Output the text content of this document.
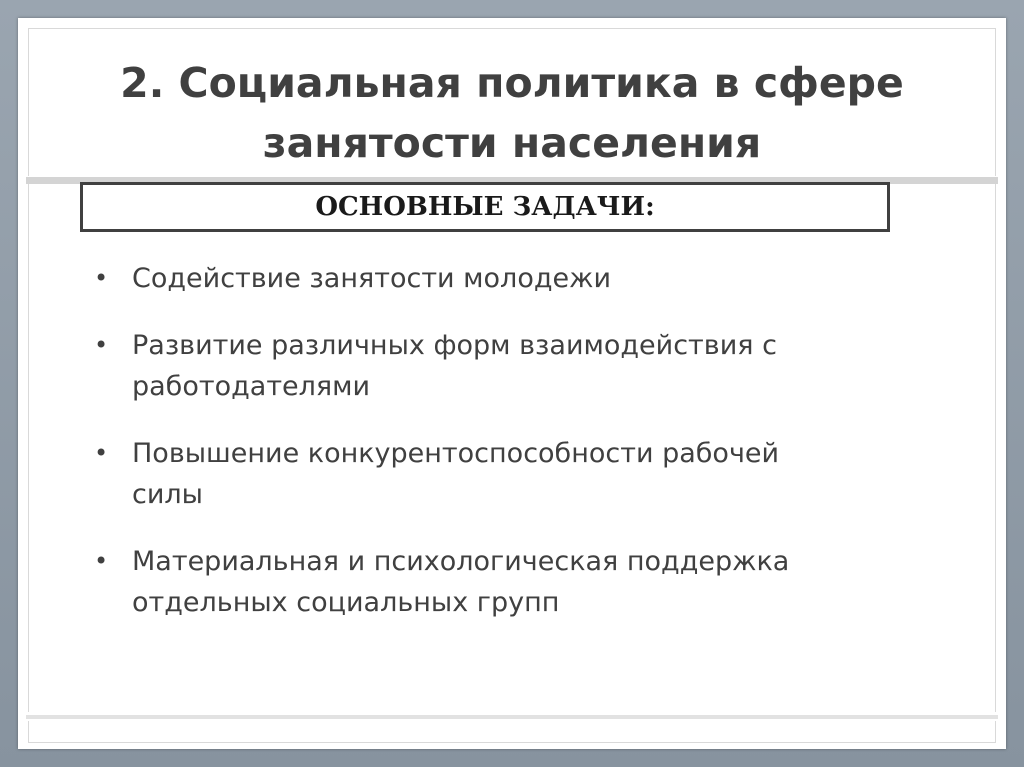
2. Социальная политика в сфере
занятости населения
ОСНОВНЫЕ ЗАДАЧИ:
• Содействие занятости молодежи
• Развитие различных форм взаимодействия с
работодателями
• Повышение конкурентоспособности рабочей
силы
• Материальная и психологическая поддержка
отдельных социальных групп
